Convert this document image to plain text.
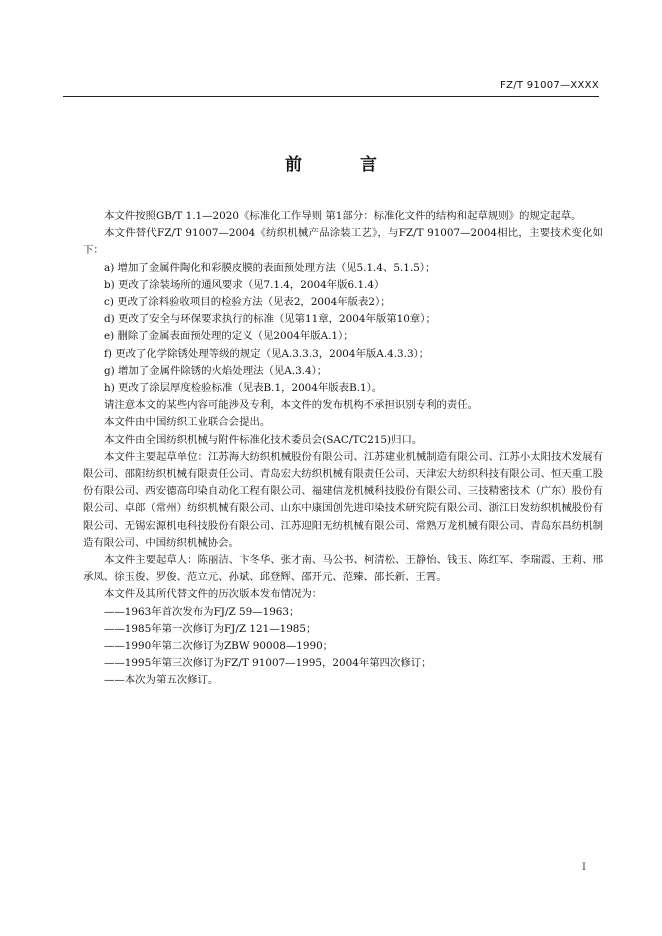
FZ/T 91007—XXXX
前 言

本文件按照GB/T 1.1—2020《标准化工作导则 第1部分：标准化文件的结构和起草规则》的规定起草。

本文件替代FZ/T 91007—2004《纺织机械产品涂装工艺》，与FZ/T 91007—2004相比，主要技术变化如下：

a) 增加了金属件陶化和彩膜皮膜的表面预处理方法（见5.1.4、5.1.5）；

b) 更改了涂装场所的通风要求（见7.1.4，2004年版6.1.4）

c) 更改了涂料验收项目的检验方法（见表2，2004年版表2）；

d) 更改了安全与环保要求执行的标准（见第11章，2004年版第10章）；

e) 删除了金属表面预处理的定义（见2004年版A.1）；

f) 更改了化学除锈处理等级的规定（见A.3.3.3，2004年版A.4.3.3）；

g) 增加了金属件除锈的火焰处理法（见A.3.4）；

h) 更改了涂层厚度检验标准（见表B.1，2004年版表B.1）。

请注意本文的某些内容可能涉及专利，本文件的发布机构不承担识别专利的责任。

本文件由中国纺织工业联合会提出。

本文件由全国纺织机械与附件标准化技术委员会(SAC/TC215)归口。

本文件主要起草单位：江苏海大纺织机械股份有限公司、江苏建业机械制造有限公司、江苏小太阳技术发展有限公司、邵阳纺织机械有限责任公司、青岛宏大纺织机械有限责任公司、天津宏大纺织科技有限公司、恒天重工股份有限公司、西安德高印染自动化工程有限公司、福建信龙机械科技股份有限公司、三技精密技术（广东）股份有限公司、卓郎（常州）纺织机械有限公司、山东中康国创先进印染技术研究院有限公司、浙江日发纺织机械股份有限公司、无锡宏源机电科技股份有限公司、江苏迎阳无纺机械有限公司、常熟万龙机械有限公司、青岛东昌纺机制造有限公司、中国纺织机械协会。

本文件主要起草人：陈丽洁、卞冬华、张才南、马公书、柯清松、王静怡、钱玉、陈红军、李瑞霞、王莉、邢承凤、徐玉俊、罗俊、范立元、孙斌、邱登辉、邵开元、范臻、邵长新、王霄。

本文件及其所代替文件的历次版本发布情况为：

——1963年首次发布为FJ/Z 59—1963；

——1985年第一次修订为FJ/Z 121—1985；

——1990年第二次修订为ZBW 90008—1990；

——1995年第三次修订为FZ/T 91007—1995，2004年第四次修订；

——本次为第五次修订。

I
